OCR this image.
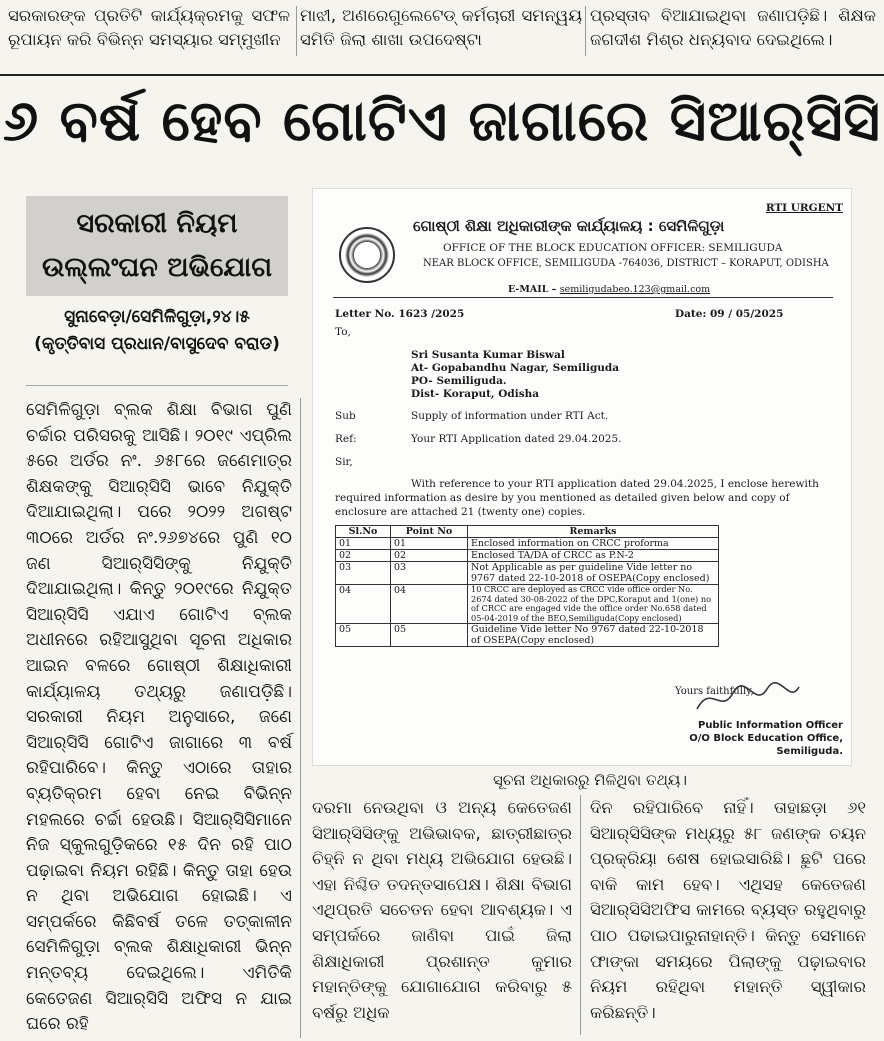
ସରକାରଙ୍କ ପ୍ରତିଟି କାର୍ଯ୍ୟକ୍ରମକୁ ସଫଳ ରୂପାୟନ କରି ବିଭିନ୍ନ ସମସ୍ୟାର ସମ୍ମୁଖୀନ

ମାଝୀ, ଅଣରେଗୁଲେଟେଡ୍ କର୍ମଚାରୀ ସମନ୍ୱୟ ସମିତି ଜିଲା ଶାଖା ଉପଦେଷ୍ଟା

ପ୍ରସ୍ତାବ ବିଆଯାଇଥିବା ଜଣାପଡ଼ିଛି। ଶିକ୍ଷକ ଜଗଦୀଶ ମିଶ୍ର ଧନ୍ୟବାଦ ଦେଇଥିଲେ।

୬ ବର୍ଷ ହେବ ଗୋଟିଏ ଜାଗାରେ ସିଆର୍‌ସିସି
ସରକାରୀ ନିୟମ
ଉଲ୍ଲଂଘନ ଅଭିଯୋଗ
ସୁନାବେଡ଼ା/ସେମିଳିଗୁଡ଼ା,୨୪।୫
(କୃତ୍ତିବାସ ପ୍ରଧାନ/ବାସୁଦେବ ବରାଡ)

ସେମିଳିଗୁଡ଼ା ବ୍ଲକ ଶିକ୍ଷା ବିଭାଗ ପୁଣି ଚର୍ଚ୍ଚାର ପରିସରକୁ ଆସିଛି। ୨୦୧୯ ଏପ୍ରିଲ ୫ରେ ଅର୍ଡର ନଂ. ୬୫୮ରେ ଜଣେମାତ୍ର ଶିକ୍ଷକଙ୍କୁ ସିଆର୍‌ସିସି ଭାବେ ନିଯୁକ୍ତି ଦିଆଯାଇଥିଲା। ପରେ ୨୦୨୨ ଅଗଷ୍ଟ ୩୦ରେ ଅର୍ଡର ନଂ.୨୬୭୪ରେ ପୁଣି ୧୦ ଜଣ ସିଆର୍‌ସିସିଙ୍କୁ ନିଯୁକ୍ତି ଦିଆଯାଇଥିଲା। କିନ୍ତୁ ୨୦୧୯ରେ ନିଯୁକ୍ତ ସିଆର୍‌ସିସି ଏଯାଏ ଗୋଟିଏ ବ୍ଲକ ଅଧୀନରେ ରହିଆସୁଥିବା ସୂଚନା ଅଧିକାର ଆଇନ ବଳରେ ଗୋଷ୍ଠୀ ଶିକ୍ଷାଧିକାରୀ କାର୍ଯ୍ୟାଳୟ ତଥ୍ୟରୁ ଜଣାପଡ଼ିଛି। ସରକାରୀ ନିୟମ ଅନୁସାରେ, ଜଣେ ସିଆର୍‌ସିସି ଗୋଟିଏ ଜାଗାରେ ୩ ବର୍ଷ ରହିପାରିବେ। କିନ୍ତୁ ଏଠାରେ ତାହାର ବ୍ୟତିକ୍ରମ ହେବା ନେଇ ବିଭିନ୍ନ ମହଲରେ ଚର୍ଚ୍ଚା ହେଉଛି। ସିଆର୍‌ସିସିମାନେ ନିଜ ସ୍କୁଲଗୁଡ଼ିକରେ ୧୫ ଦିନ ରହି ପାଠ ପଢ଼ାଇବା ନିୟମ ରହିଛି। କିନ୍ତୁ ତାହା ହେଉ ନ ଥିବା ଅଭିଯୋଗ ହୋଇଛି। ଏ ସମ୍ପର୍କରେ କିଛିବର୍ଷ ତଳେ ତତ୍କାଳୀନ ସେମିଳିଗୁଡ଼ା ବ୍ଲକ ଶିକ୍ଷାଧିକାରୀ ଭିନ୍ନ ମନ୍ତବ୍ୟ ଦେଇଥିଲେ। ଏମିତିକି କେତେଜଣ ସିଆର୍‌ସିସି ଅଫିସ ନ ଯାଇ ଘରେ ରହି

ଦରମା ନେଉଥିବା ଓ ଅନ୍ୟ କେତେଜଣ ସିଆର୍‌ସିସିଙ୍କୁ ଅଭିଭାବକ, ଛାତ୍ରୀଛାତ୍ର ଚିହ୍ନି ନ ଥିବା ମଧ୍ୟ ଅଭିଯୋଗ ହେଉଛି। ଏହା ନିଶ୍ଚିତ ତଦନ୍ତସାପେକ୍ଷ। ଶିକ୍ଷା ବିଭାଗ ଏଥିପ୍ରତି ସଚେତନ ହେବା ଆବଶ୍ୟକ। ଏ ସମ୍ପର୍କରେ ଜାଣିବା ପାଇଁ ଜିଲା ଶିକ୍ଷାଧିକାରୀ ପ୍ରଶାନ୍ତ କୁମାର ମହାନ୍ତିଙ୍କୁ ଯୋଗାଯୋଗ କରିବାରୁ ୫ ବର୍ଷରୁ ଅଧିକ

ଦିନ ରହିପାରିବେ ନାହିଁ। ତାହାଛଡ଼ା ୬୧ ସିଆର୍‌ସିସିଙ୍କ ମଧ୍ୟରୁ ୫୮ ଜଣଙ୍କ ଚୟନ ପ୍ରକ୍ରିୟା ଶେଷ ହୋଇସାରିଛି। ଛୁଟି ପରେ ବାକି କାମ ହେବ। ଏଥିସହ କେତେଜଣ ସିଆର୍‌ସିସିଅଫିସ କାମରେ ବ୍ୟସ୍ତ ରହୁଥିବାରୁ ପାଠ ପଢାଇପାରୁନାହାନ୍ତି। କିନ୍ତୁ ସେମାନେ ଫାଙ୍କା ସମୟରେ ପିଲାଙ୍କୁ ପଢ଼ାଇବାର ନିୟମ ରହିଥିବା ମହାନ୍ତି ସ୍ୱୀକାର କରିଛନ୍ତି।

RTI URGENT
ଗୋଷ୍ଠୀ ଶିକ୍ଷା ଅଧିକାରୀଙ୍କ କାର୍ଯ୍ୟାଳୟ : ସେମିଳିଗୁଡ଼ା
OFFICE OF THE BLOCK EDUCATION OFFICER: SEMILIGUDA
NEAR BLOCK OFFICE, SEMILIGUDA -764036, DISTRICT – KORAPUT, ODISHA
E-MAIL – semiligudabeo.123@gmail.com
Letter No. 1623 /2025	Date: 09 / 05/2025
To,
Sri Susanta Kumar Biswal
At- Gopabandhu Nagar, Semiliguda
PO- Semiliguda.
Dist- Koraput, Odisha
Sub	Supply of information under RTI Act.
Ref:	Your RTI Application dated 29.04.2025.
Sir,
With reference to your RTI application dated 29.04.2025, I enclose herewith required information as desire by you mentioned as detailed given below and copy of enclosure are attached 21 (twenty one) copies.
Sl.No	Point No	Remarks
01	01	Enclosed information on CRCC proforma
02	02	Enclosed TA/DA of CRCC as P.N-2
03	03	Not Applicable as per guideline Vide letter no 9767 dated 22-10-2018 of OSEPA(Copy enclosed)
04	04	10 CRCC are deployed as CRCC vide office order No. 2674 dated 30-08-2022 of the DPC,Koraput and 1(one) no of CRCC are engaged vide the office order No.658 dated 05-04-2019 of the BEO,Semiliguda(Copy enclosed)
05	05	Guideline Vide letter No 9767 dated 22-10-2018 of OSEPA(Copy enclosed)
Yours faithfully,
Public Information Officer
O/O Block Education Office,
Semiliguda.
ସୂଚନା ଅଧିକାରରୁ ମିଳିଥିବା ତଥ୍ୟ।
